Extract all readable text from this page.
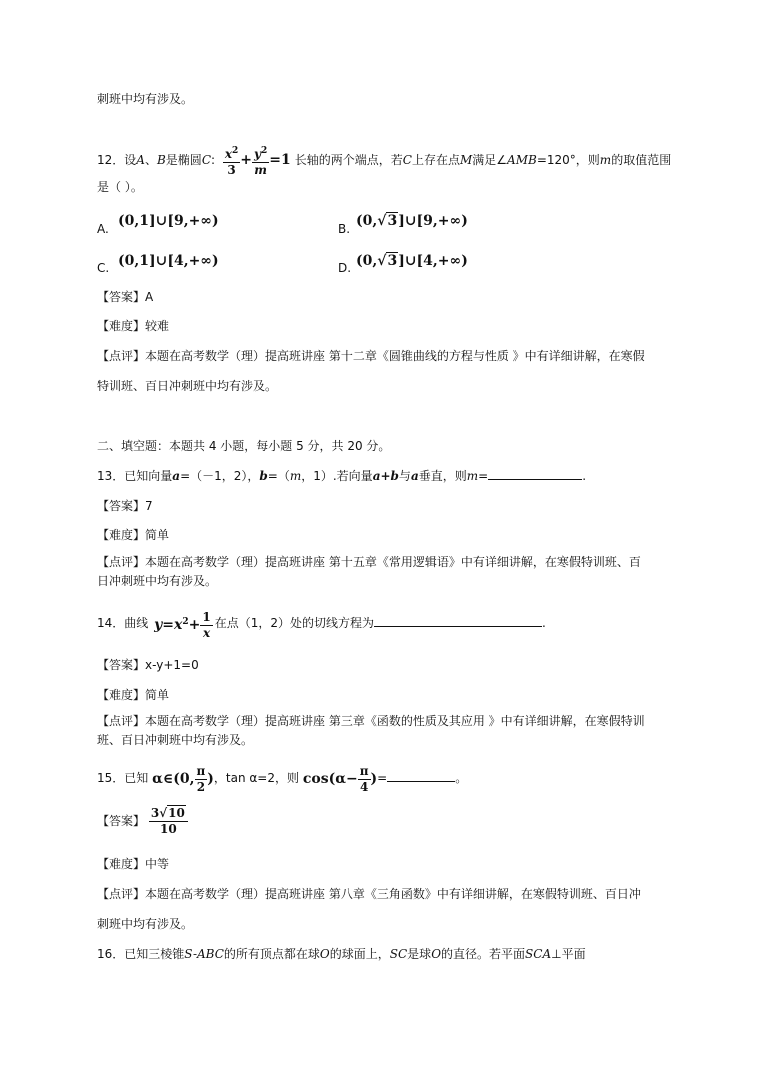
刺班中均有涉及。
12．设A、B是椭圆C: $\frac{x^2}{3} + \frac{y^2}{m} =1$ 长轴的两个端点，若C上存在点M满足∠AMB=120°，则m的取值范围
是（ ）。
A. (0,1]∪[9,+∞)	B. (0,√3]∪[9,+∞)
C. (0,1]∪[4,+∞)	D. (0,√3]∪[4,+∞)
【答案】A
【难度】较难
【点评】本题在高考数学（理）提高班讲座 第十二章《圆锥曲线的方程与性质 》中有详细讲解，在寒假
特训班、百日冲刺班中均有涉及。
二、填空题：本题共 4 小题，每小题 5 分，共 20 分。
13．已知向量a=（－1，2），b=（m，1）.若向量a+b与a垂直，则m=	.
【答案】7
【难度】简单
【点评】本题在高考数学（理）提高班讲座 第十五章《常用逻辑语》中有详细讲解，在寒假特训班、百
日冲刺班中均有涉及。
14．曲线 $y=x^2+ \frac{1}{x}$ 在点（1，2）处的切线方程为	.
【答案】x-y+1=0
【难度】简单
【点评】本题在高考数学（理）提高班讲座 第三章《函数的性质及其应用 》中有详细讲解，在寒假特训
班、百日冲刺班中均有涉及。
15．已知 α∈(0, $\frac{\pi}{2}$ )，tan α=2，则 $\cos(\alpha- \frac{\pi}{4}$ )=	。
【答案】 $\frac{3√10}{10}$
【难度】中等
【点评】本题在高考数学（理）提高班讲座 第八章《三角函数》中有详细讲解，在寒假特训班、百日冲
刺班中均有涉及。
16．已知三棱锥S-ABC的所有顶点都在球O的球面上，SC是球O的直径。若平面SCA⊥平面
